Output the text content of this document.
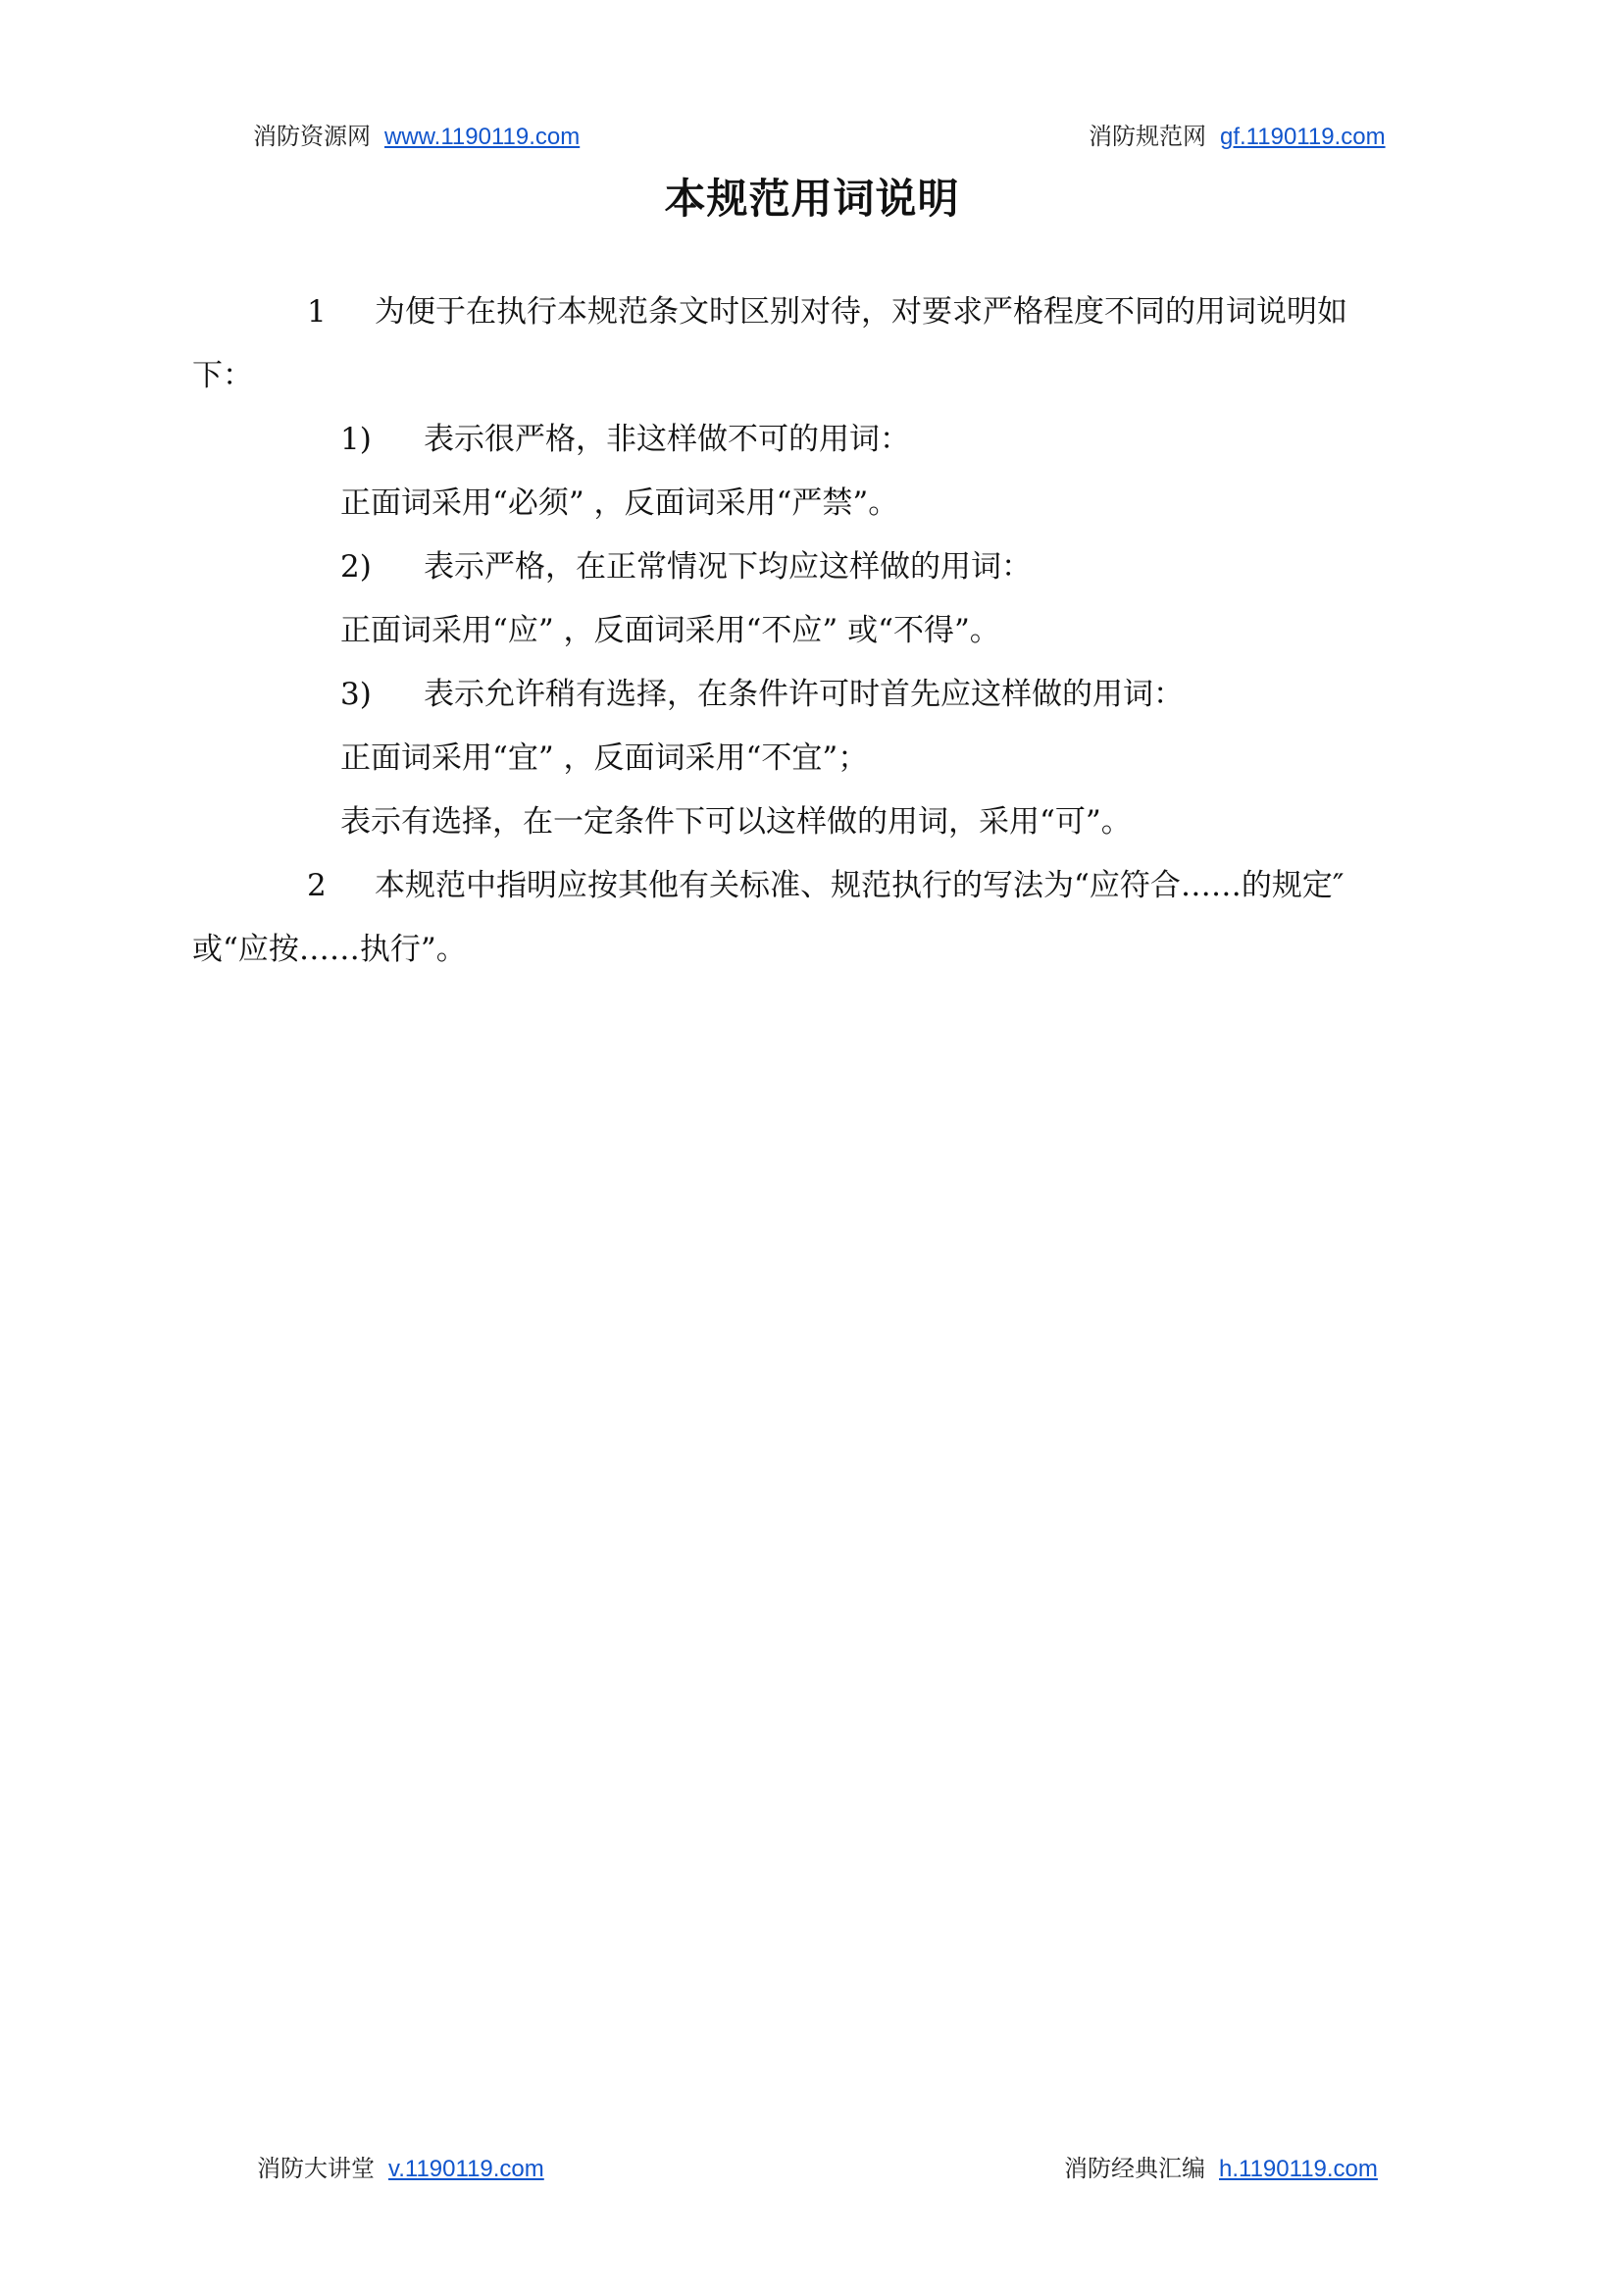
消防资源网 www.1190119.com	消防规范网 gf.1190119.com
本规范用词说明
1 为便于在执行本规范条文时区别对待，对要求严格程度不同的用词说明如
下：
1) 表示很严格，非这样做不可的用词：
正面词采用“必须” ，反面词采用“严禁”。
2) 表示严格，在正常情况下均应这样做的用词：
正面词采用“应” ，反面词采用“不应” 或“不得”。
3) 表示允许稍有选择，在条件许可时首先应这样做的用词：
正面词采用“宜” ，反面词采用“不宜”；
表示有选择，在一定条件下可以这样做的用词，采用“可”。
2 本规范中指明应按其他有关标准、规范执行的写法为“应符合……的规定″
或“应按……执行”。
消防大讲堂 v.1190119.com	消防经典汇编 h.1190119.com
